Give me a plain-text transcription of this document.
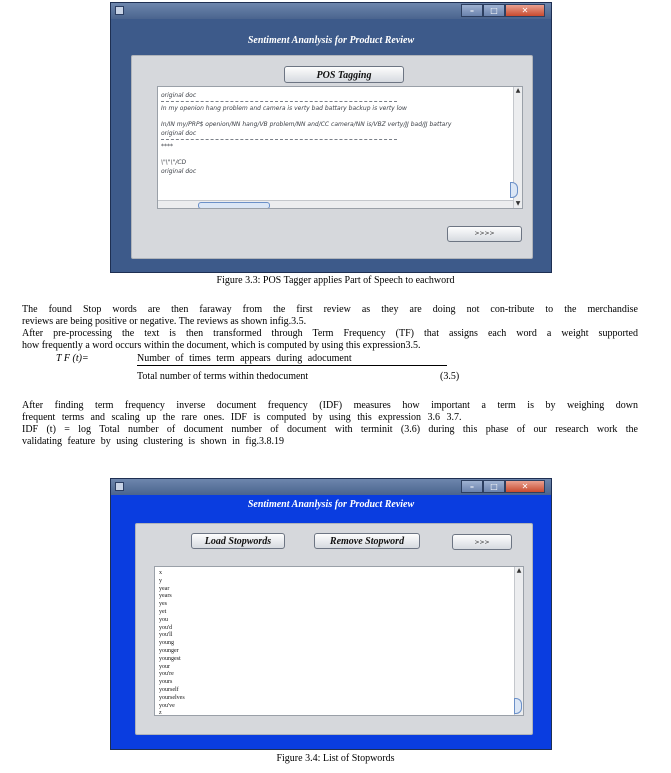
–	□	✕
Sentiment Ananlysis for Product Review
POS Tagging
original doc
In my openion hang problem and camera is verty bad battary backup is verty low
In/IN my/PRP$ openion/NN hang/VB problem/NN and/CC camera/NN is/VBZ verty/JJ bad/JJ battary
original doc
****
\"\"\"/CD
original doc
▲
▼
>>>>
Figure 3.3: POS Tagger applies Part of Speech to eachword
The found Stop words are then faraway from the first review as they are doing not con-tribute to the merchandise
reviews are being positive or negative. The reviews as shown infig.3.5.
After pre-processing the text is then transformed through Term Frequency (TF) that assigns each word a weight supported
how frequently a word occurs within the document, which is computed by using this expression3.5.
T F (t)=	Number of times term appears during adocument
Total number of terms within thedocument	(3.5)
After finding term frequency inverse document frequency (IDF) measures how important a term is by weighing down
frequent terms and scaling up the rare ones. IDF is computed by using this expression 3.6 3.7.
IDF (t) = log Total number of document number of document with terminit (3.6) during this phase of our research work the
validating feature by using clustering is shown in fig.3.8.19
–	□	✕
Sentiment Ananlysis for Product Review
Load Stopwords	Remove Stopword	>>>
x
y
year
years
yes
yet
you
you'd
you'll
young
younger
youngest
your
you're
yours
yourself
yourselves
you've
z
▲
Figure 3.4: List of Stopwords
